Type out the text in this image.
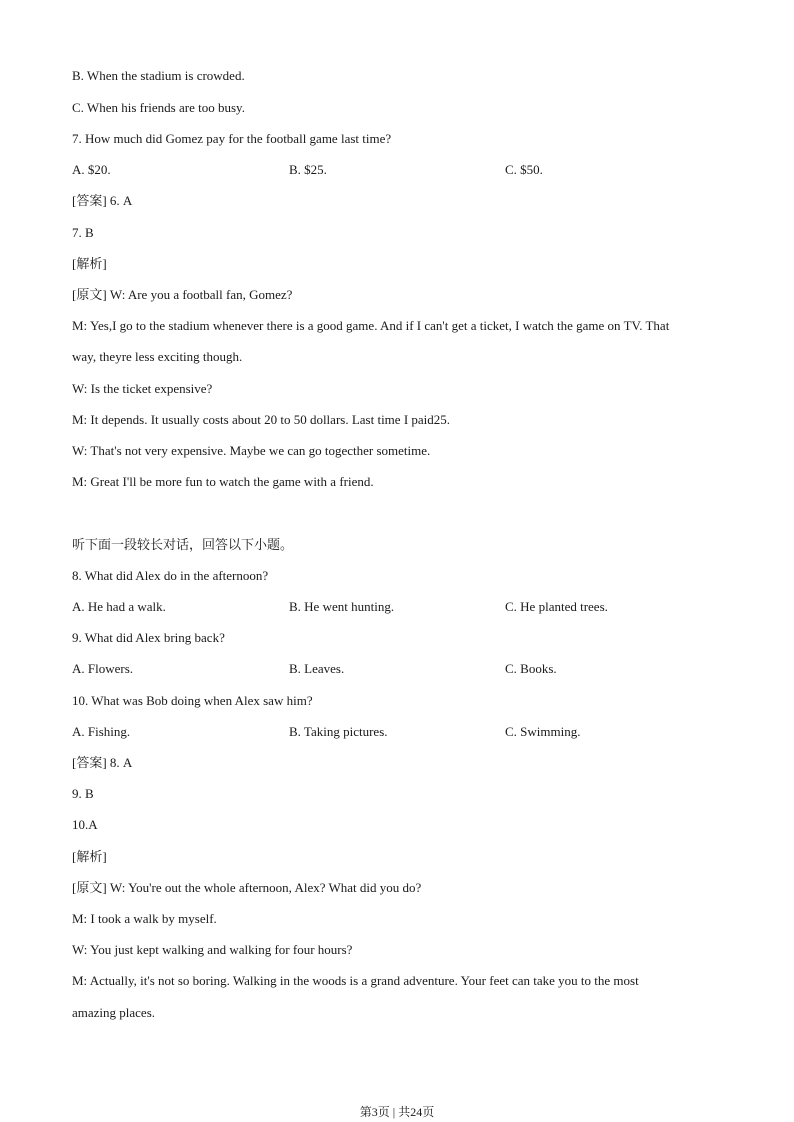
B. When the stadium is crowded.
C. When his friends are too busy.
7. How much did Gomez pay for the football game last time?
A. $20.	B. $25.	C. $50.
[答案] 6. A
7. B
[解析]
[原文] W: Are you a football fan, Gomez?
M: Yes,I go to the stadium whenever there is a good game. And if I can't get a ticket, I watch the game on TV. That
way, theyre less exciting though.
W: Is the ticket expensive?
M: It depends. It usually costs about 20 to 50 dollars. Last time I paid25.
W: That's not very expensive. Maybe we can go togecther sometime.
M: Great I'll be more fun to watch the game with a friend.
听下面一段较长对话，回答以下小题。
8. What did Alex do in the afternoon?
A. He had a walk.	B. He went hunting.	C. He planted trees.
9. What did Alex bring back?
A. Flowers.	B. Leaves.	C. Books.
10. What was Bob doing when Alex saw him?
A. Fishing.	B. Taking pictures.	C. Swimming.
[答案] 8. A
9. B
10.A
[解析]
[原文] W: You're out the whole afternoon, Alex? What did you do?
M: I took a walk by myself.
W: You just kept walking and walking for four hours?
M: Actually, it's not so boring. Walking in the woods is a grand adventure. Your feet can take you to the most
amazing places.
第3页 | 共24页
